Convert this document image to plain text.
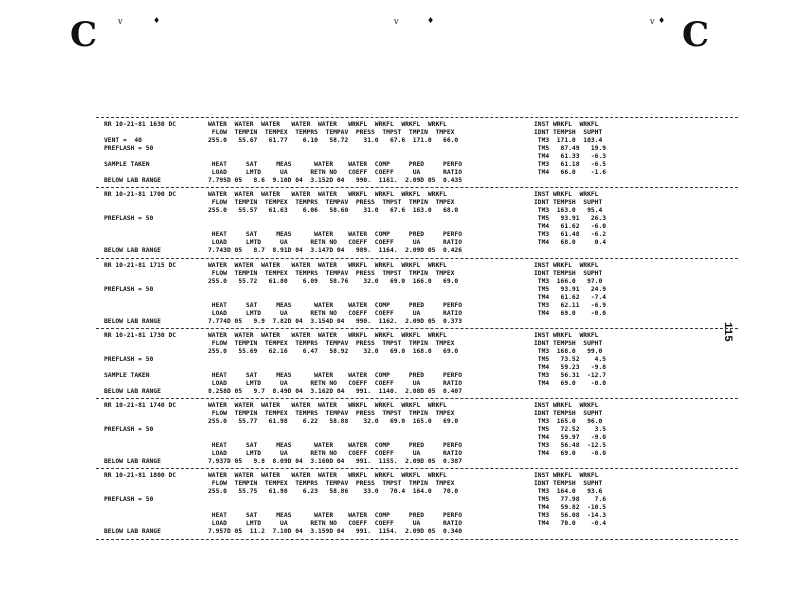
C	C
v	♦	v	♦	v ♦
115
RR 10-21-81 1630 DC	WATER  WATER  WATER   WATER  WATER   WRKFL  WRKFL  WRKFL  WRKFL	INST WRKFL  WRKFL
FLOW  TEMPIN  TEMPEX  TEMPRS  TEMPAV  PRESS  TMPST  TMPIN  TMPEX	IDNT TEMPSH  SUPHT
VENT =  40	255.0   55.67   61.77    6.10   58.72    31.0   67.6  171.0   66.0	TM3  171.0  103.4
PREFLASH = 50	TM5   87.49   19.9
TM4   61.33   -6.3
SAMPLE TAKEN	HEAT     SAT     MEAS      WATER    WATER  COMP     PRED     PERFO	TM3   61.18   -6.5
LOAD     LMTD     UA      RETN NO   COEFF  COEFF     UA      RATIO	TM4   66.0    -1.6
BELOW LAB RANGE	7.795D 05   8.6  9.10D 04  3.152D 04   990.  1161.  2.09D 05  0.435
RR 10-21-81 1700 DC	WATER  WATER  WATER   WATER  WATER   WRKFL  WRKFL  WRKFL  WRKFL	INST WRKFL  WRKFL
FLOW  TEMPIN  TEMPEX  TEMPRS  TEMPAV  PRESS  TMPST  TMPIN  TMPEX	IDNT TEMPSH  SUPHT
255.0   55.57   61.63    6.06   58.60    31.0   67.6  163.0   68.0	TM3  163.0   95.4
PREFLASH = 50	TM5   93.91   26.3
TM4   61.62   -6.0
HEAT     SAT     MEAS      WATER    WATER  COMP     PRED     PERFO	TM3   61.48   -6.2
LOAD     LMTD     UA      RETN NO   COEFF  COEFF     UA      RATIO	TM4   68.0     0.4
BELOW LAB RANGE	7.743D 05   8.7  8.91D 04  3.147D 04   989.  1164.  2.09D 05  0.426
RR 10-21-81 1715 DC	WATER  WATER  WATER   WATER  WATER   WRKFL  WRKFL  WRKFL  WRKFL	INST WRKFL  WRKFL
FLOW  TEMPIN  TEMPEX  TEMPRS  TEMPAV  PRESS  TMPST  TMPIN  TMPEX	IDNT TEMPSH  SUPHT
255.0   55.72   61.80    6.09   58.76    32.0   69.0  166.0   69.0	TM3  166.0   97.0
PREFLASH = 50	TM5   93.91   24.9
TM4   61.62   -7.4
HEAT     SAT     MEAS      WATER    WATER  COMP     PRED     PERFO	TM3   62.11   -6.9
LOAD     LMTD     UA      RETN NO   COEFF  COEFF     UA      RATIO	TM4   69.0    -0.0
BELOW LAB RANGE	7.774D 05   9.9  7.82D 04  3.154D 04   990.  1162.  2.09D 05  0.373
RR 10-21-81 1730 DC	WATER  WATER  WATER   WATER  WATER   WRKFL  WRKFL  WRKFL  WRKFL	INST WRKFL  WRKFL
FLOW  TEMPIN  TEMPEX  TEMPRS  TEMPAV  PRESS  TMPST  TMPIN  TMPEX	IDNT TEMPSH  SUPHT
255.0   55.69   62.16    6.47   58.92    32.0   69.0  168.0   69.0	TM3  168.0   99.0
PREFLASH = 50	TM5   73.52    4.5
TM4   59.23   -9.8
SAMPLE TAKEN	HEAT     SAT     MEAS      WATER    WATER  COMP     PRED     PERFO	TM3   56.31  -12.7
LOAD     LMTD     UA      RETN NO   COEFF  COEFF     UA      RATIO	TM4   69.0    -0.0
BELOW LAB RANGE	8.258D 05   9.7  8.49D 04  3.162D 04   991.  1140.  2.08D 05  0.407
RR 10-21-81 1740 DC	WATER  WATER  WATER   WATER  WATER   WRKFL  WRKFL  WRKFL  WRKFL	INST WRKFL  WRKFL
FLOW  TEMPIN  TEMPEX  TEMPRS  TEMPAV  PRESS  TMPST  TMPIN  TMPEX	IDNT TEMPSH  SUPHT
255.0   55.77   61.98    6.22   58.88    32.0   69.0  165.0   69.0	TM3  165.0   96.0
PREFLASH = 50	TM5   72.52    3.5
TM4   59.97   -9.0
HEAT     SAT     MEAS      WATER    WATER  COMP     PRED     PERFO	TM3   56.48  -12.5
LOAD     LMTD     UA      RETN NO   COEFF  COEFF     UA      RATIO	TM4   69.0    -0.0
BELOW LAB RANGE	7.937D 05   9.8  8.09D 04  3.160D 04   991.  1155.  2.09D 05  0.387
RR 10-21-81 1800 DC	WATER  WATER  WATER   WATER  WATER   WRKFL  WRKFL  WRKFL  WRKFL	INST WRKFL  WRKFL
FLOW  TEMPIN  TEMPEX  TEMPRS  TEMPAV  PRESS  TMPST  TMPIN  TMPEX	IDNT TEMPSH  SUPHT
255.0   55.75   61.98    6.23   58.86    33.0   70.4  164.0   70.0	TM3  164.0   93.6
PREFLASH = 50	TM5   77.98    7.6
TM4   59.82  -10.5
HEAT     SAT     MEAS      WATER    WATER  COMP     PRED     PERFO	TM3   56.08  -14.3
LOAD     LMTD     UA      RETN NO   COEFF  COEFF     UA      RATIO	TM4   70.0    -0.4
BELOW LAB RANGE	7.957D 05  11.2  7.10D 04  3.159D 04   991.  1154.  2.09D 05  0.340
